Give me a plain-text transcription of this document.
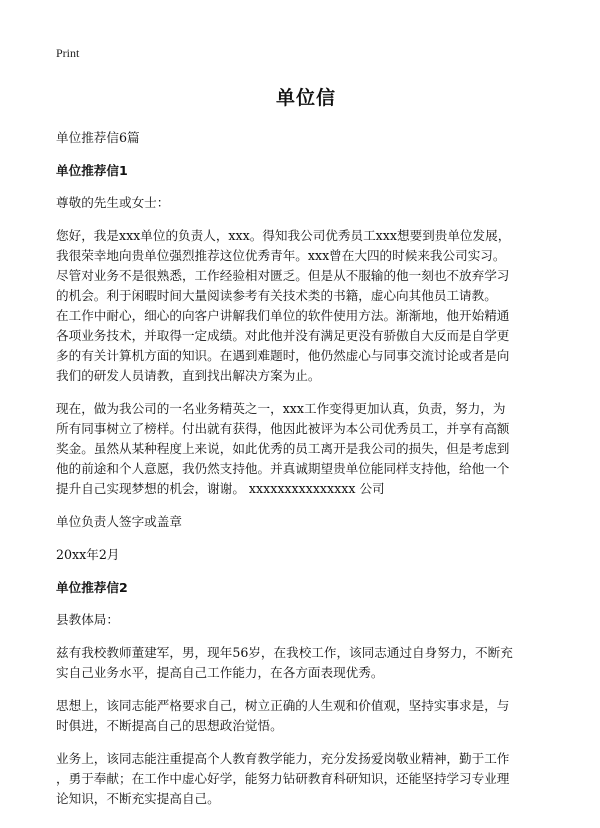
Print
单位信
单位推荐信6篇
单位推荐信1
尊敬的先生或女士：
您好，我是xxx单位的负责人，xxx。得知我公司优秀员工xxx想要到贵单位发展，
我很荣幸地向贵单位强烈推荐这位优秀青年。xxx曾在大四的时候来我公司实习。
尽管对业务不是很熟悉，工作经验相对匮乏。但是从不服输的他一刻也不放弃学习
的机会。利于闲暇时间大量阅读参考有关技术类的书籍，虚心向其他员工请教。
在工作中耐心，细心的向客户讲解我们单位的软件使用方法。渐渐地，他开始精通
各项业务技术，并取得一定成绩。对此他并没有满足更没有骄傲自大反而是自学更
多的有关计算机方面的知识。在遇到难题时，他仍然虚心与同事交流讨论或者是向
我们的研发人员请教，直到找出解决方案为止。
现在，做为我公司的一名业务精英之一，xxx工作变得更加认真，负责，努力，为
所有同事树立了榜样。付出就有获得，他因此被评为本公司优秀员工，并享有高额
奖金。虽然从某种程度上来说，如此优秀的员工离开是我公司的损失，但是考虑到
他的前途和个人意愿，我仍然支持他。并真诚期望贵单位能同样支持他，给他一个
提升自己实现梦想的机会，谢谢。 xxxxxxxxxxxxxxx 公司
单位负责人签字或盖章
20xx年2月
单位推荐信2
县教体局：
兹有我校教师董建军，男，现年56岁，在我校工作，该同志通过自身努力，不断充
实自己业务水平，提高自己工作能力，在各方面表现优秀。
思想上，该同志能严格要求自己，树立正确的人生观和价值观，坚持实事求是，与
时俱进，不断提高自己的思想政治觉悟。
业务上，该同志能注重提高个人教育教学能力，充分发扬爱岗敬业精神，勤于工作
，勇于奉献；在工作中虚心好学，能努力钻研教育科研知识，还能坚持学习专业理
论知识，不断充实提高自己。
